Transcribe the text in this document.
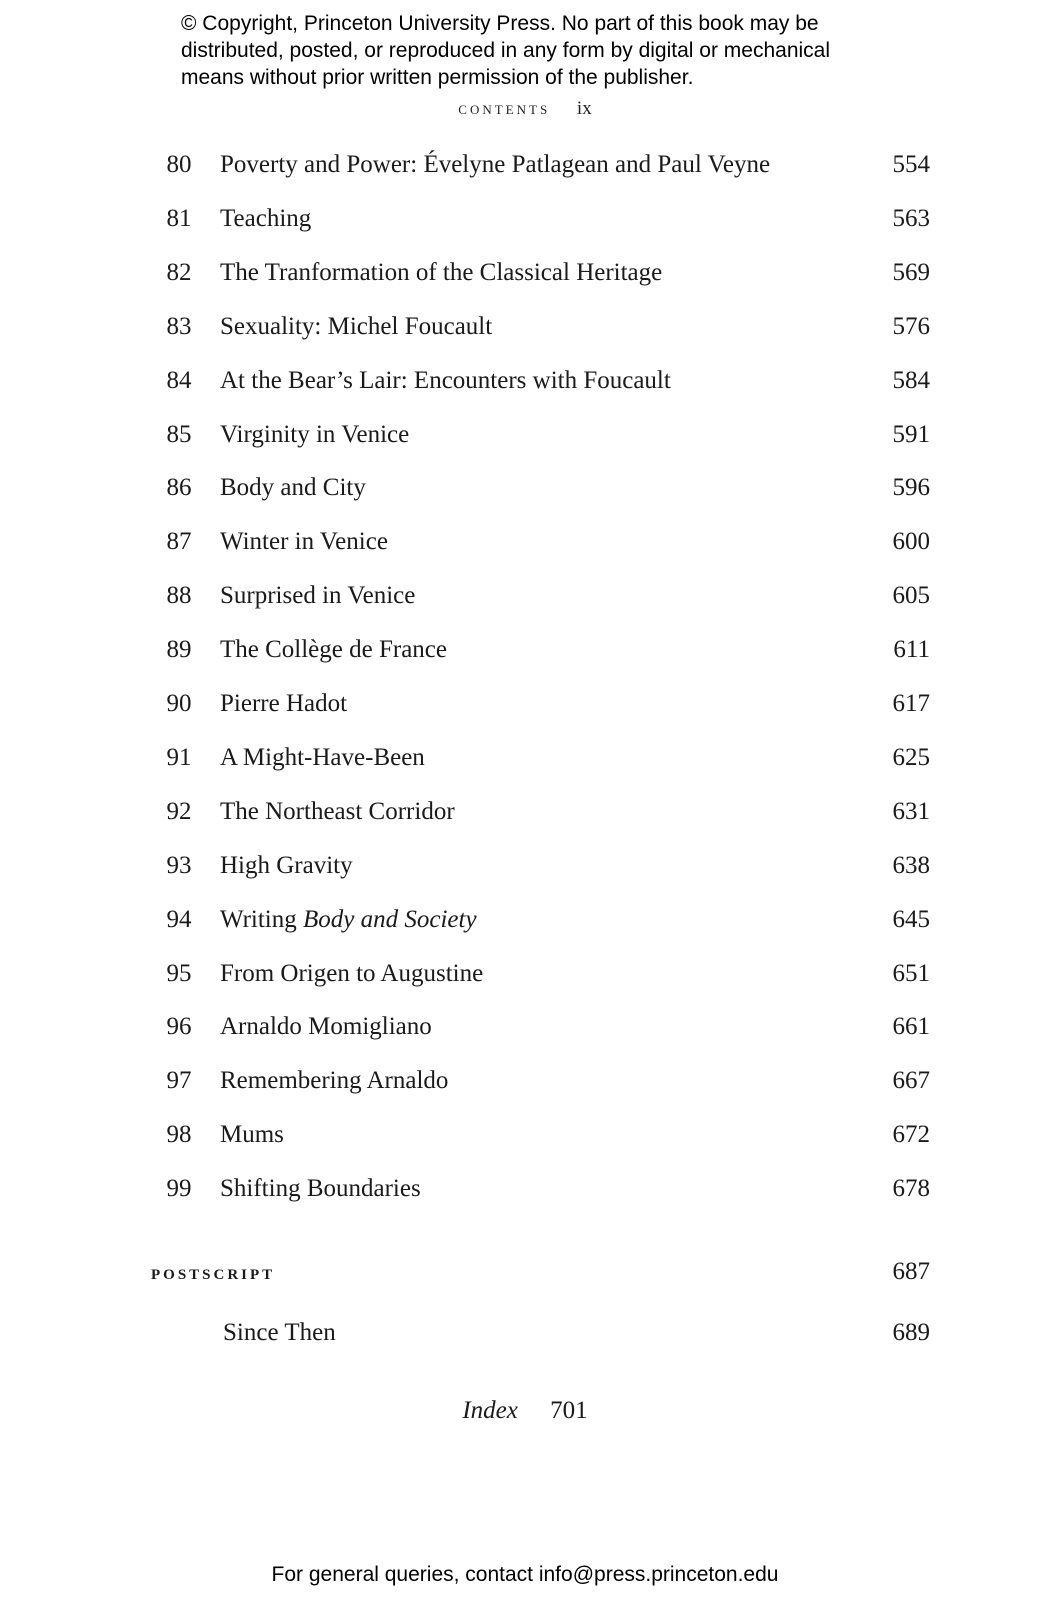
© Copyright, Princeton University Press. No part of this book may be
distributed, posted, or reproduced in any form by digital or mechanical
means without prior written permission of the publisher.
contents ix
80 Poverty and Power: Évelyne Patlagean and Paul Veyne	554
81 Teaching	563
82 The Tranformation of the Classical Heritage	569
83 Sexuality: Michel Foucault	576
84 At the Bear’s Lair: Encounters with Foucault	584
85 Virginity in Venice	591
86 Body and City	596
87 Winter in Venice	600
88 Surprised in Venice	605
89 The Collège de France	611
90 Pierre Hadot	617
91 A Might-Have-Been	625
92 The Northeast Corridor	631
93 High Gravity	638
94 Writing Body and Society	645
95 From Origen to Augustine	651
96 Arnaldo Momigliano	661
97 Remembering Arnaldo	667
98 Mums	672
99 Shifting Boundaries	678
postscript	687
Since Then	689
Index 701
For general queries, contact info@press.princeton.edu
